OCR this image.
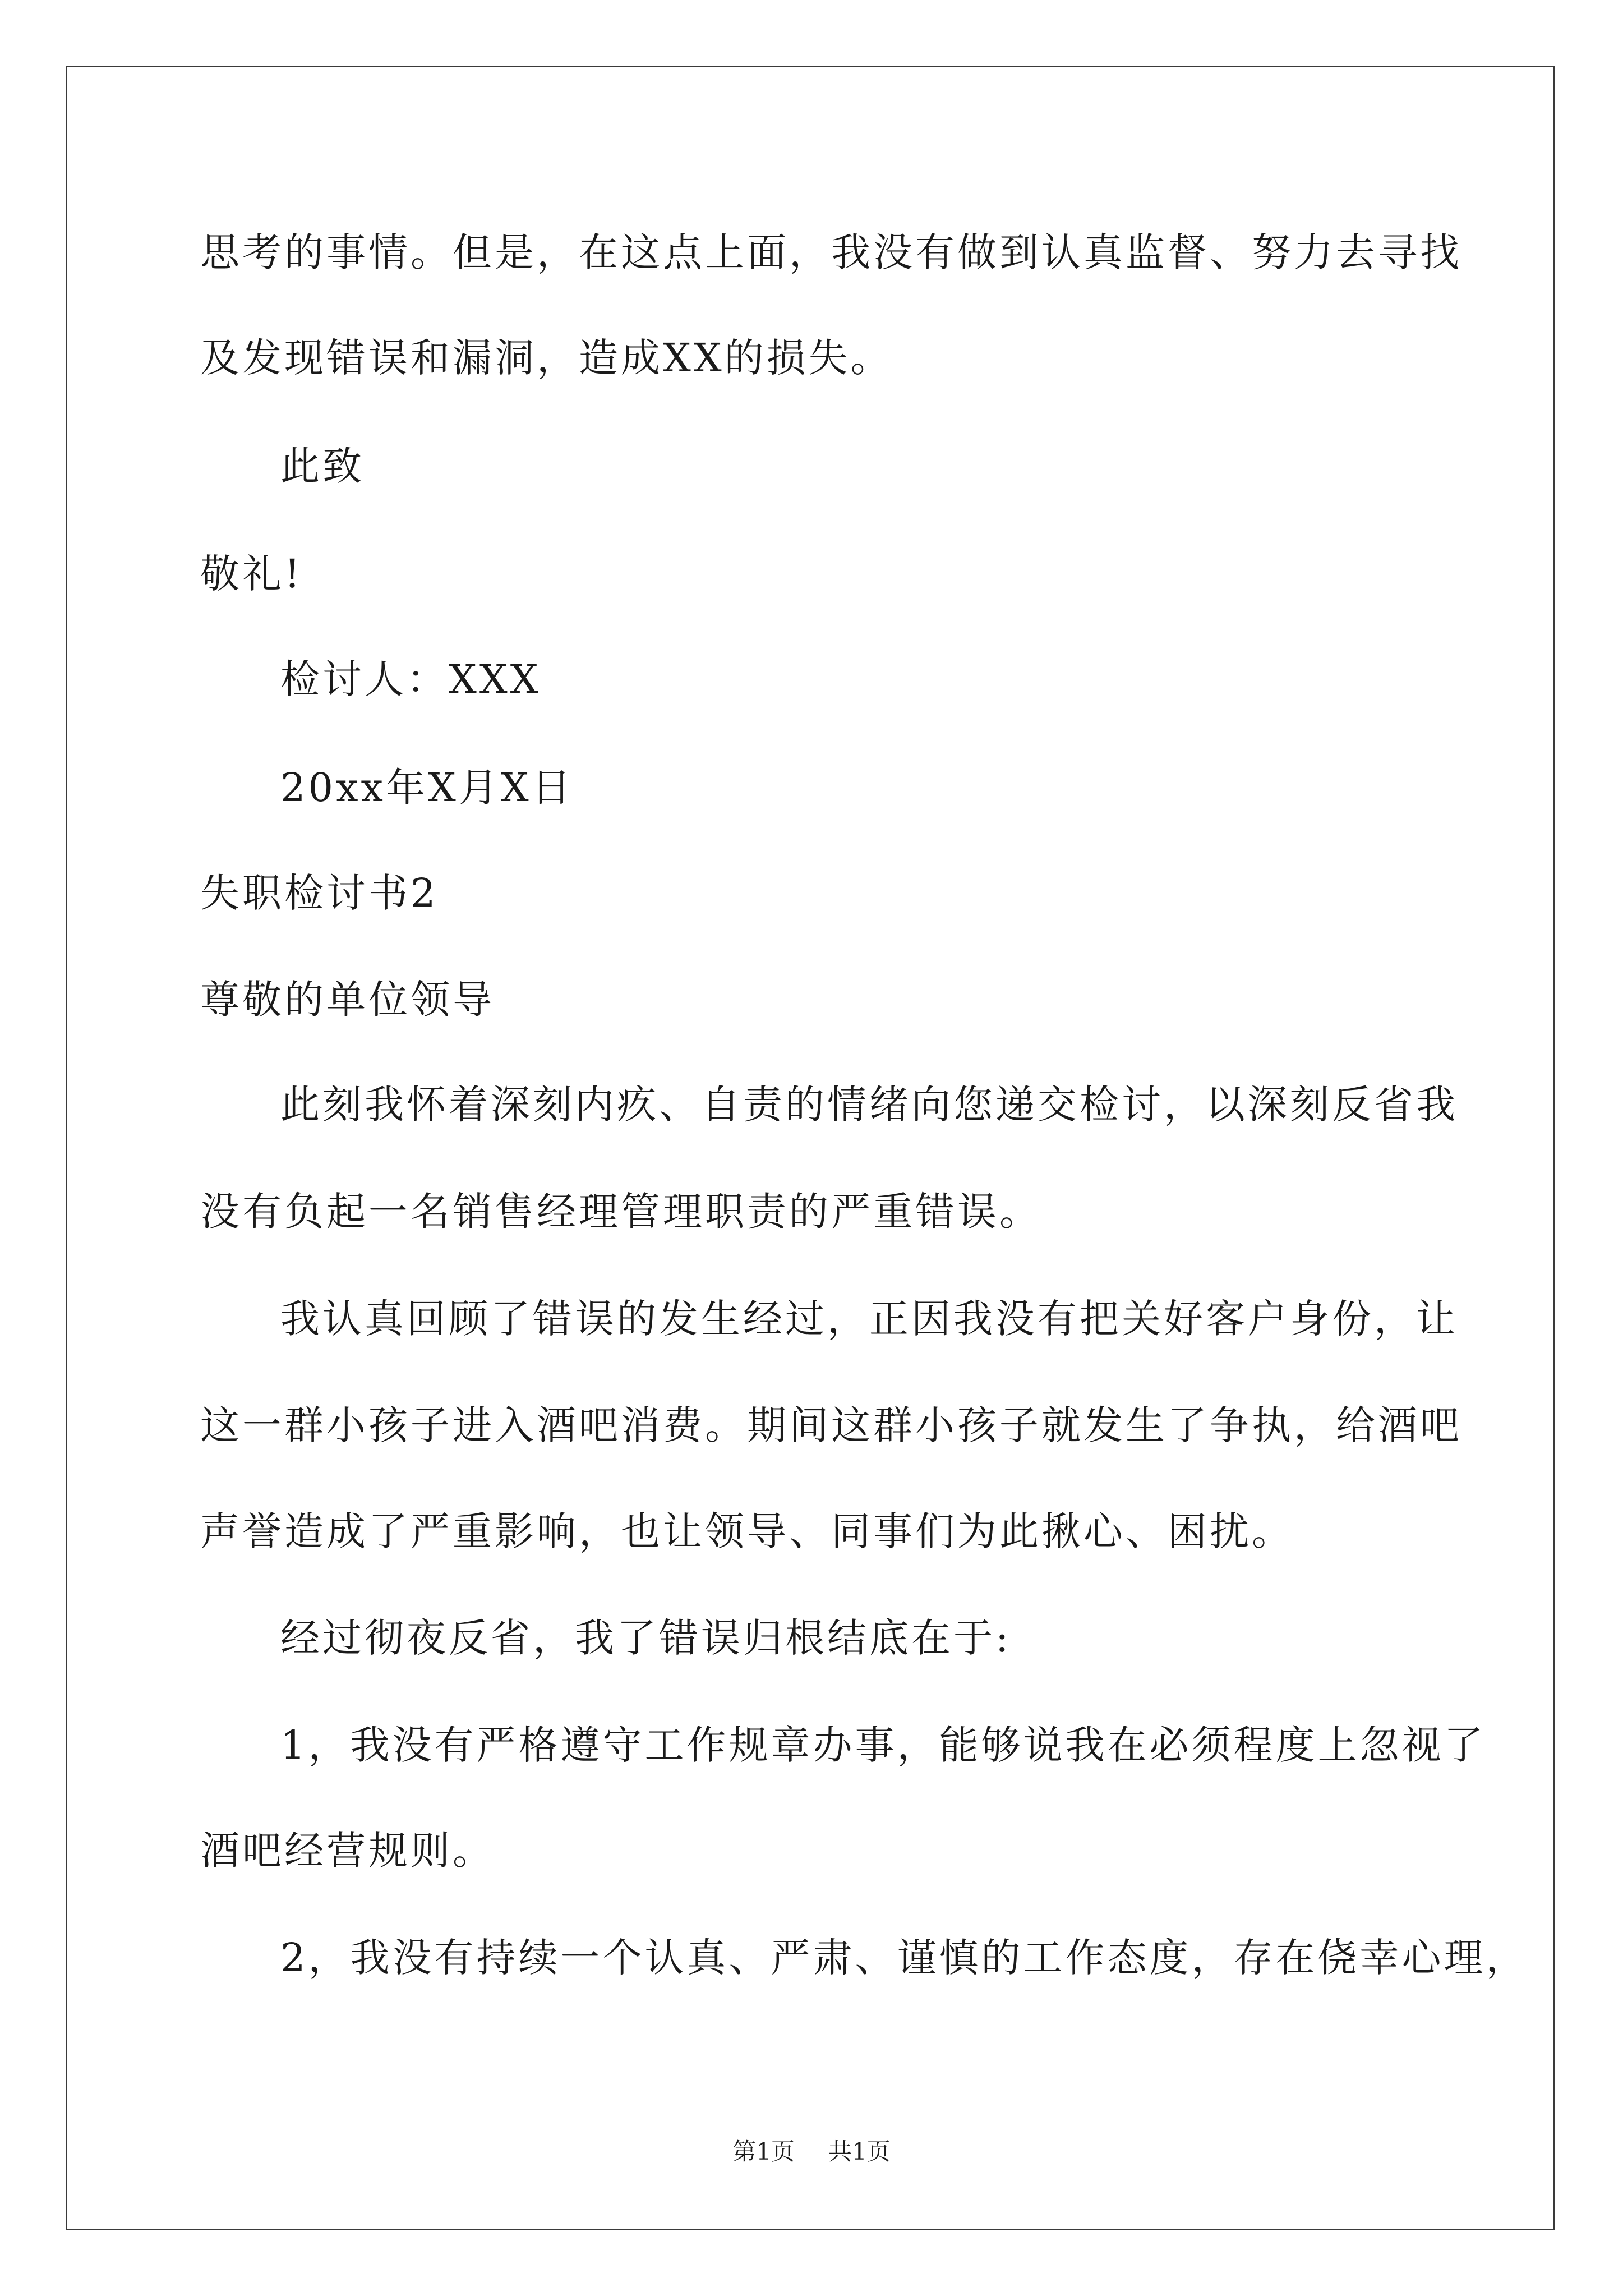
思考的事情。但是，在这点上面，我没有做到认真监督、努力去寻找
及发现错误和漏洞，造成XX的损失。
此致
敬礼!
检讨人：XXX
20xx年X月X日
失职检讨书2
尊敬的单位领导
此刻我怀着深刻内疚、自责的情绪向您递交检讨，以深刻反省我
没有负起一名销售经理管理职责的严重错误。
我认真回顾了错误的发生经过，正因我没有把关好客户身份，让
这一群小孩子进入酒吧消费。期间这群小孩子就发生了争执，给酒吧
声誉造成了严重影响，也让领导、同事们为此揪心、困扰。
经过彻夜反省，我了错误归根结底在于:
1，我没有严格遵守工作规章办事，能够说我在必须程度上忽视了
酒吧经营规则。
2，我没有持续一个认真、严肃、谨慎的工作态度，存在侥幸心理，
第1页 共1页
